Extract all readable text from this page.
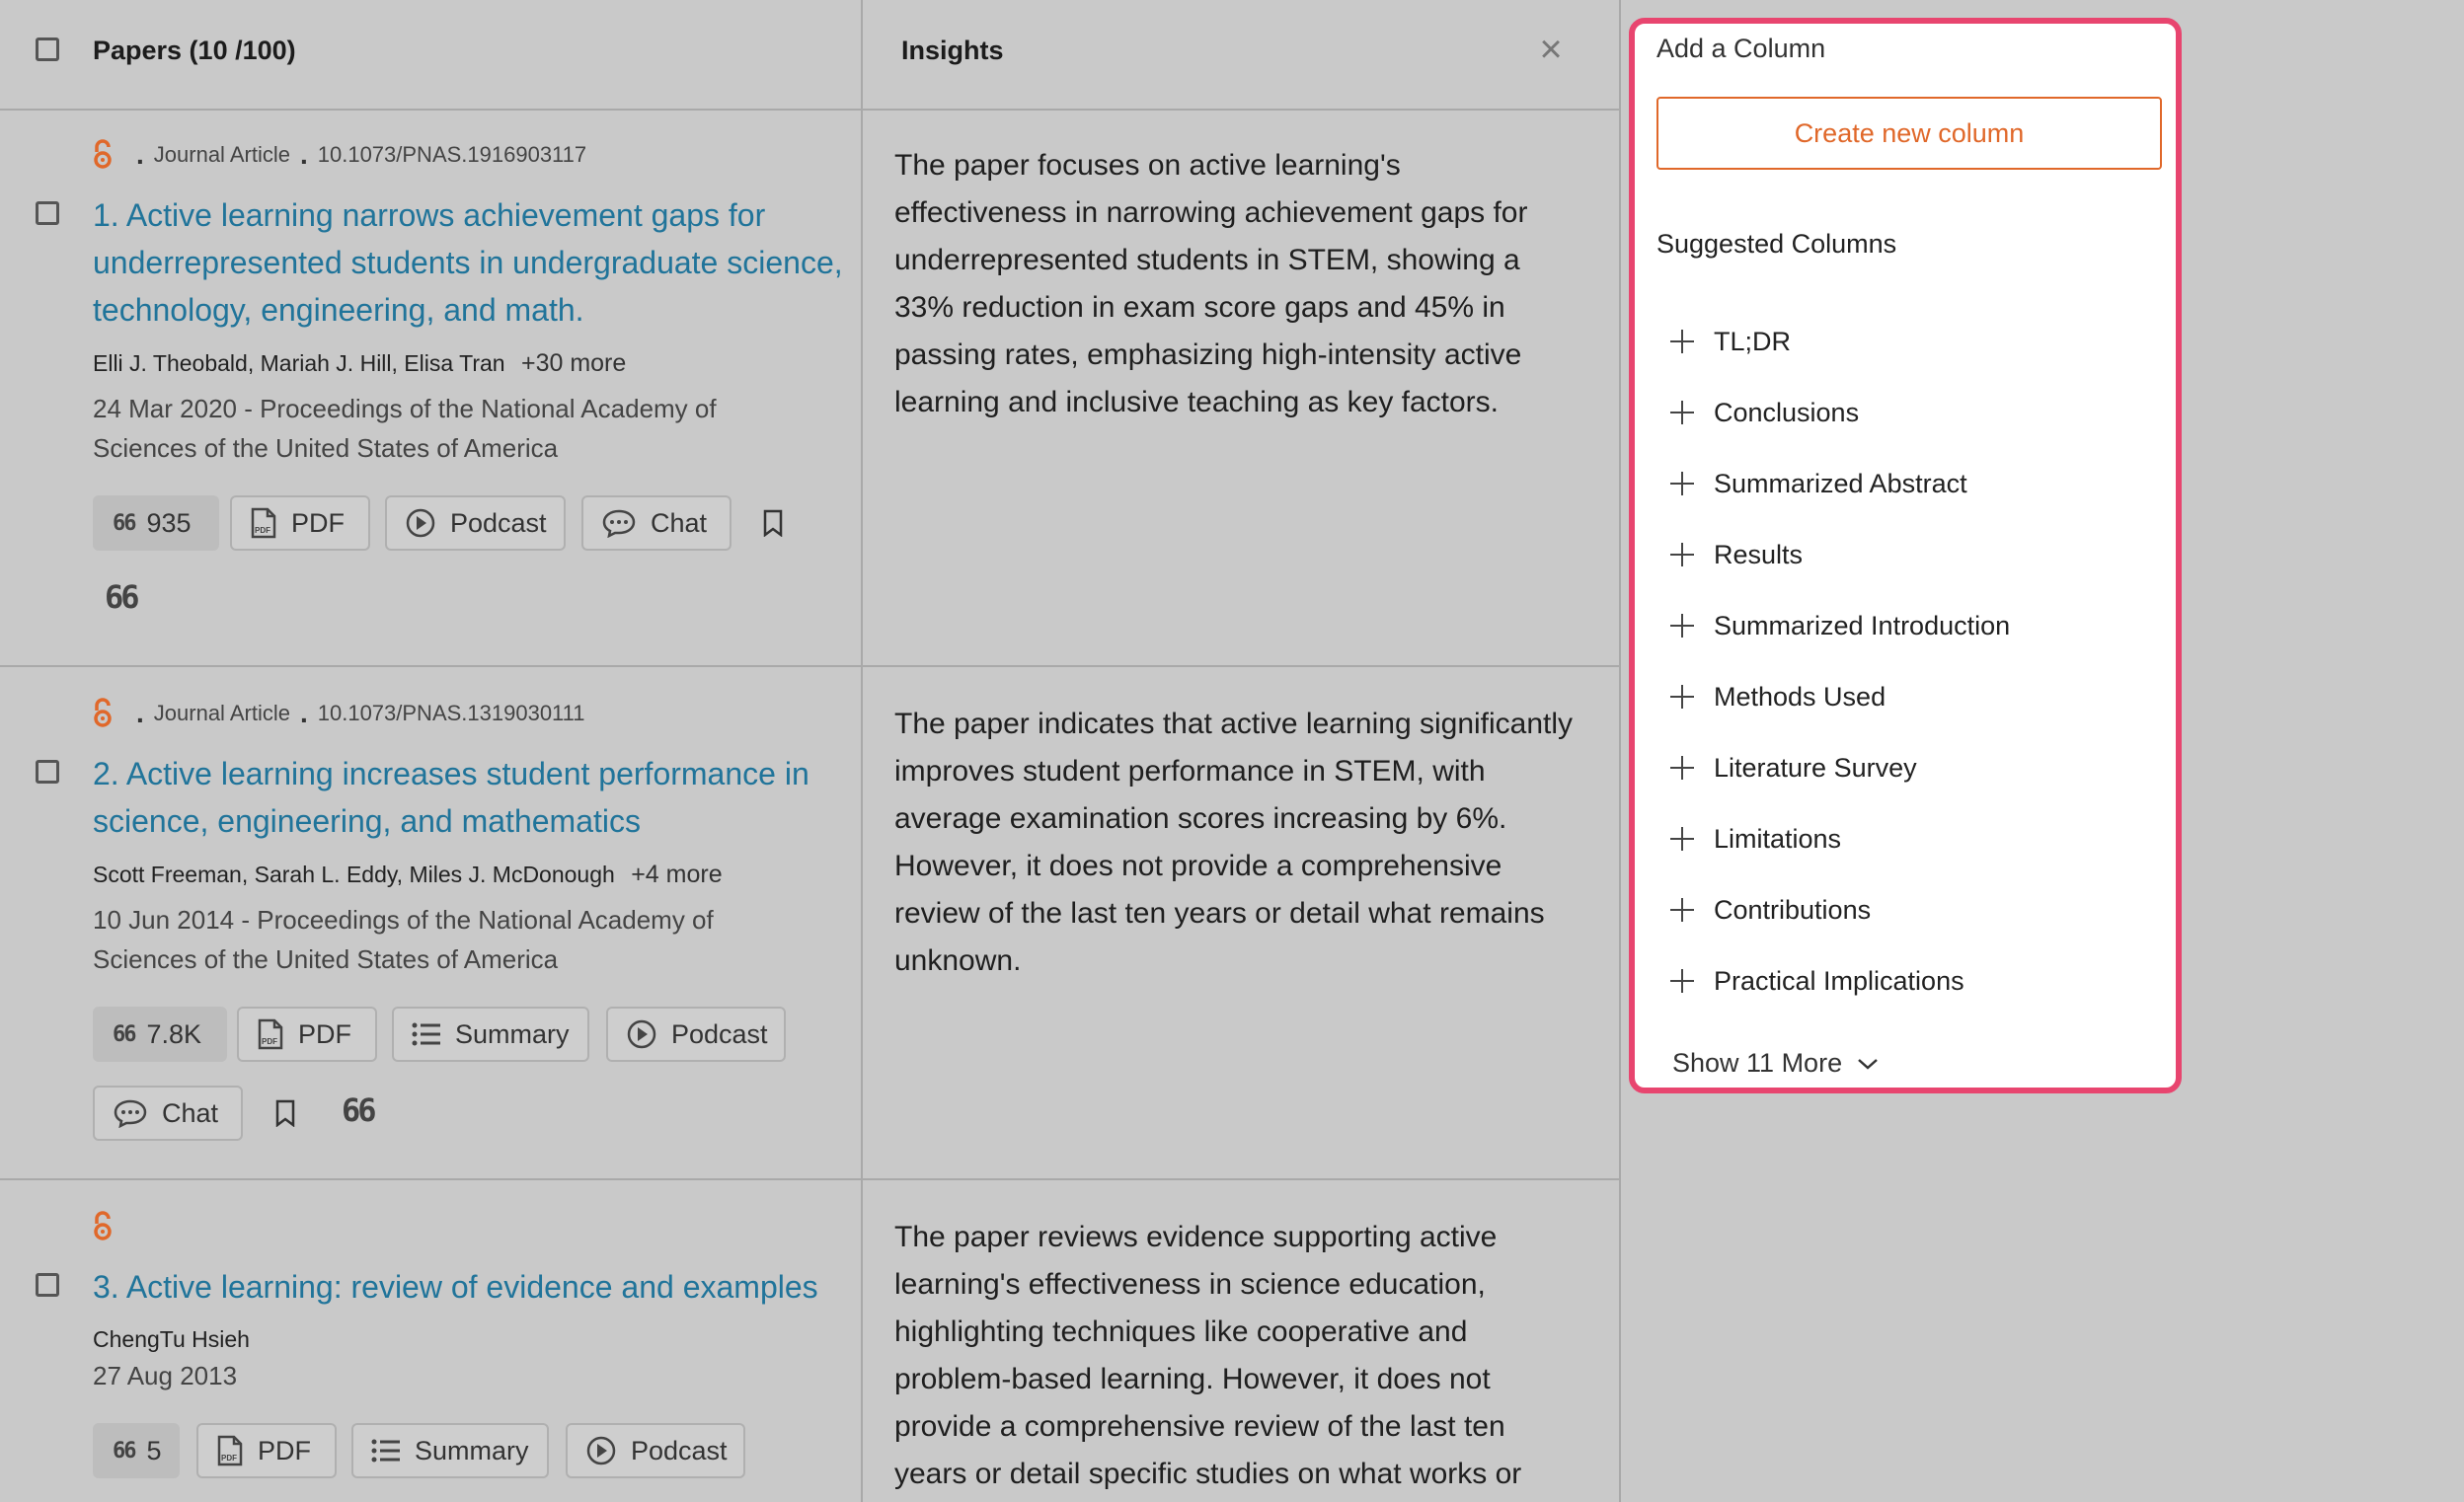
Papers (10 /100)	Insights	×
. Journal Article . 10.1073/PNAS.1916903117
1. Active learning narrows achievement gaps for underrepresented students in undergraduate science, technology, engineering, and math.
Elli J. Theobald, Mariah J. Hill, Elisa Tran +30 more
24 Mar 2020 - Proceedings of the National Academy of Sciences of the United States of America
66 935	PDF PDF	Podcast	Chat
66
The paper focuses on active learning's effectiveness in narrowing achievement gaps for underrepresented students in STEM, showing a 33% reduction in exam score gaps and 45% in passing rates, emphasizing high-intensity active learning and inclusive teaching as key factors.
. Journal Article . 10.1073/PNAS.1319030111
2. Active learning increases student performance in science, engineering, and mathematics
Scott Freeman, Sarah L. Eddy, Miles J. McDonough +4 more
10 Jun 2014 - Proceedings of the National Academy of Sciences of the United States of America
66 7.8K	PDF PDF	Summary	Podcast
Chat	66
The paper indicates that active learning significantly improves student performance in STEM, with average examination scores increasing by 6%. However, it does not provide a comprehensive review of the last ten years or detail what remains unknown.
3. Active learning: review of evidence and examples
ChengTu Hsieh
27 Aug 2013
66 5	PDF PDF	Summary	Podcast
The paper reviews evidence supporting active learning's effectiveness in science education, highlighting techniques like cooperative and problem-based learning. However, it does not provide a comprehensive review of the last ten years or detail specific studies on what works or
Add a Column
Create new column
Suggested Columns
TL;DR
Conclusions
Summarized Abstract
Results
Summarized Introduction
Methods Used
Literature Survey
Limitations
Contributions
Practical Implications
Show 11 More
